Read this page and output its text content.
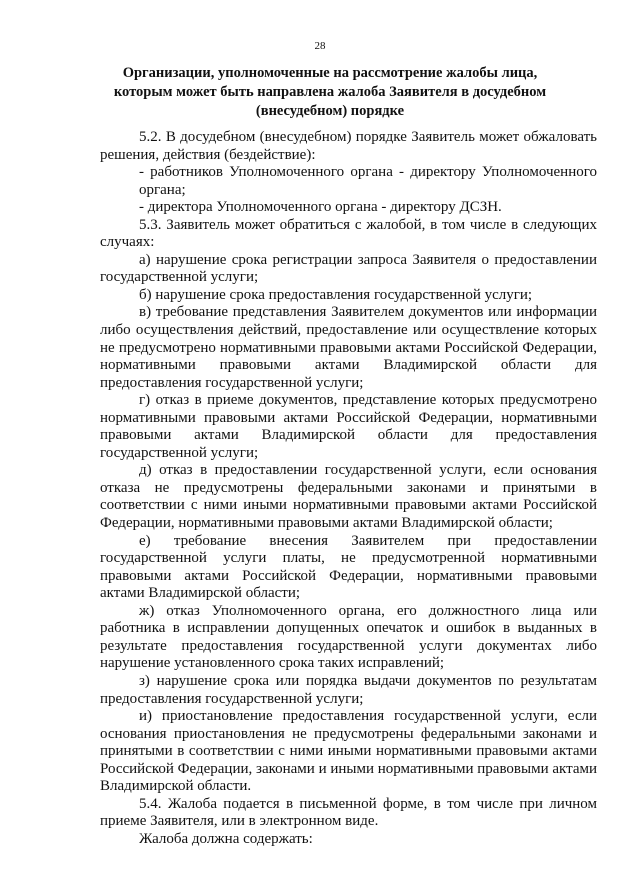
28
Организации, уполномоченные на рассмотрение жалобы лица,
которым может быть направлена жалоба Заявителя в досудебном
(внесудебном) порядке

5.2. В досудебном (внесудебном) порядке Заявитель может обжаловать решения, действия (бездействие):

- работников Уполномоченного органа - директору Уполномоченного органа;

- директора Уполномоченного органа - директору ДСЗН.

5.3. Заявитель может обратиться с жалобой, в том числе в следующих случаях:

а) нарушение срока регистрации запроса Заявителя о предоставлении государственной услуги;

б) нарушение срока предоставления государственной услуги;

в) требование представления Заявителем документов или информации либо осуществления действий, предоставление или осуществление которых не предусмотрено нормативными правовыми актами Российской Федерации, нормативными правовыми актами Владимирской области для предоставления государственной услуги;

г) отказ в приеме документов, представление которых предусмотрено нормативными правовыми актами Российской Федерации, нормативными правовыми актами Владимирской области для предоставления государственной услуги;

д) отказ в предоставлении государственной услуги, если основания отказа не предусмотрены федеральными законами и принятыми в соответствии с ними иными нормативными правовыми актами Российской Федерации, нормативными правовыми актами Владимирской области;

е) требование внесения Заявителем при предоставлении государственной услуги платы, не предусмотренной нормативными правовыми актами Российской Федерации, нормативными правовыми актами Владимирской области;

ж) отказ Уполномоченного органа, его должностного лица или работника в исправлении допущенных опечаток и ошибок в выданных в результате предоставления государственной услуги документах либо нарушение установленного срока таких исправлений;

з) нарушение срока или порядка выдачи документов по результатам предоставления государственной услуги;

и) приостановление предоставления государственной услуги, если основания приостановления не предусмотрены федеральными законами и принятыми в соответствии с ними иными нормативными правовыми актами Российской Федерации, законами и иными нормативными правовыми актами Владимирской области.

5.4. Жалоба подается в письменной форме, в том числе при личном приеме Заявителя, или в электронном виде.

Жалоба должна содержать:
